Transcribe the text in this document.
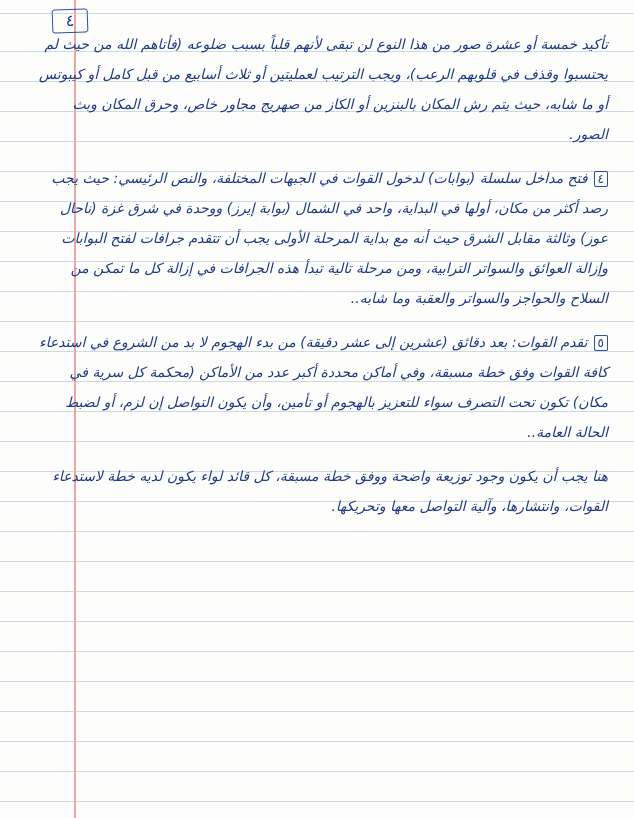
٤

تأكيد خمسة أو عشرة صور من هذا النوع لن تبقى لأنهم قلباً بسبب ضلوعه (فأتاهم الله من حيث لم يحتسبوا وقذف في قلوبهم الرعب)، ويجب الترتيب لعمليتين أو ثلاث أسابيع من قبل كامل أو كيبوتس أو ما شابه، حيث يتم رش المكان بالبنزين أو الكاز من صهريج مجاور خاص، وحرق المكان وبث الصور.

٤فتح مداخل سلسلة (بوابات) لدخول القوات في الجبهات المختلفة، والنص الرئيسي: حيث يجب رصد أكثر من مكان، أولها في البداية، واحد في الشمال (بوابة إيرز) ووحدة في شرق غزة (ناحال عوز) وثالثة مقابل الشرق حيث أنه مع بداية المرحلة الأولى يجب أن تتقدم جرافات لفتح البوابات وإزالة العوائق والسواتر الترابية، ومن مرحلة تالية تبدأ هذه الجرافات في إزالة كل ما تمكن من السلاح والحواجز والسواتر والعقبة وما شابه..

٥تقدم القوات: بعد دقائق (عشرين إلى عشر دقيقة) من بدء الهجوم لا بد من الشروع في استدعاء كافة القوات وفق خطة مسبقة، وفي أماكن محددة أكبر عدد من الأماكن (محكمة كل سرية في مكان) تكون تحت التصرف سواء للتعزيز بالهجوم أو تأمين، وأن يكون التواصل إن لزم، أو لضبط الحالة العامة..

هنا يجب أن يكون وجود توزيعة واضحة ووفق خطة مسبقة، كل قائد لواء يكون لديه خطة لاستدعاء القوات، وانتشارها، وآلية التواصل معها وتحريكها.
